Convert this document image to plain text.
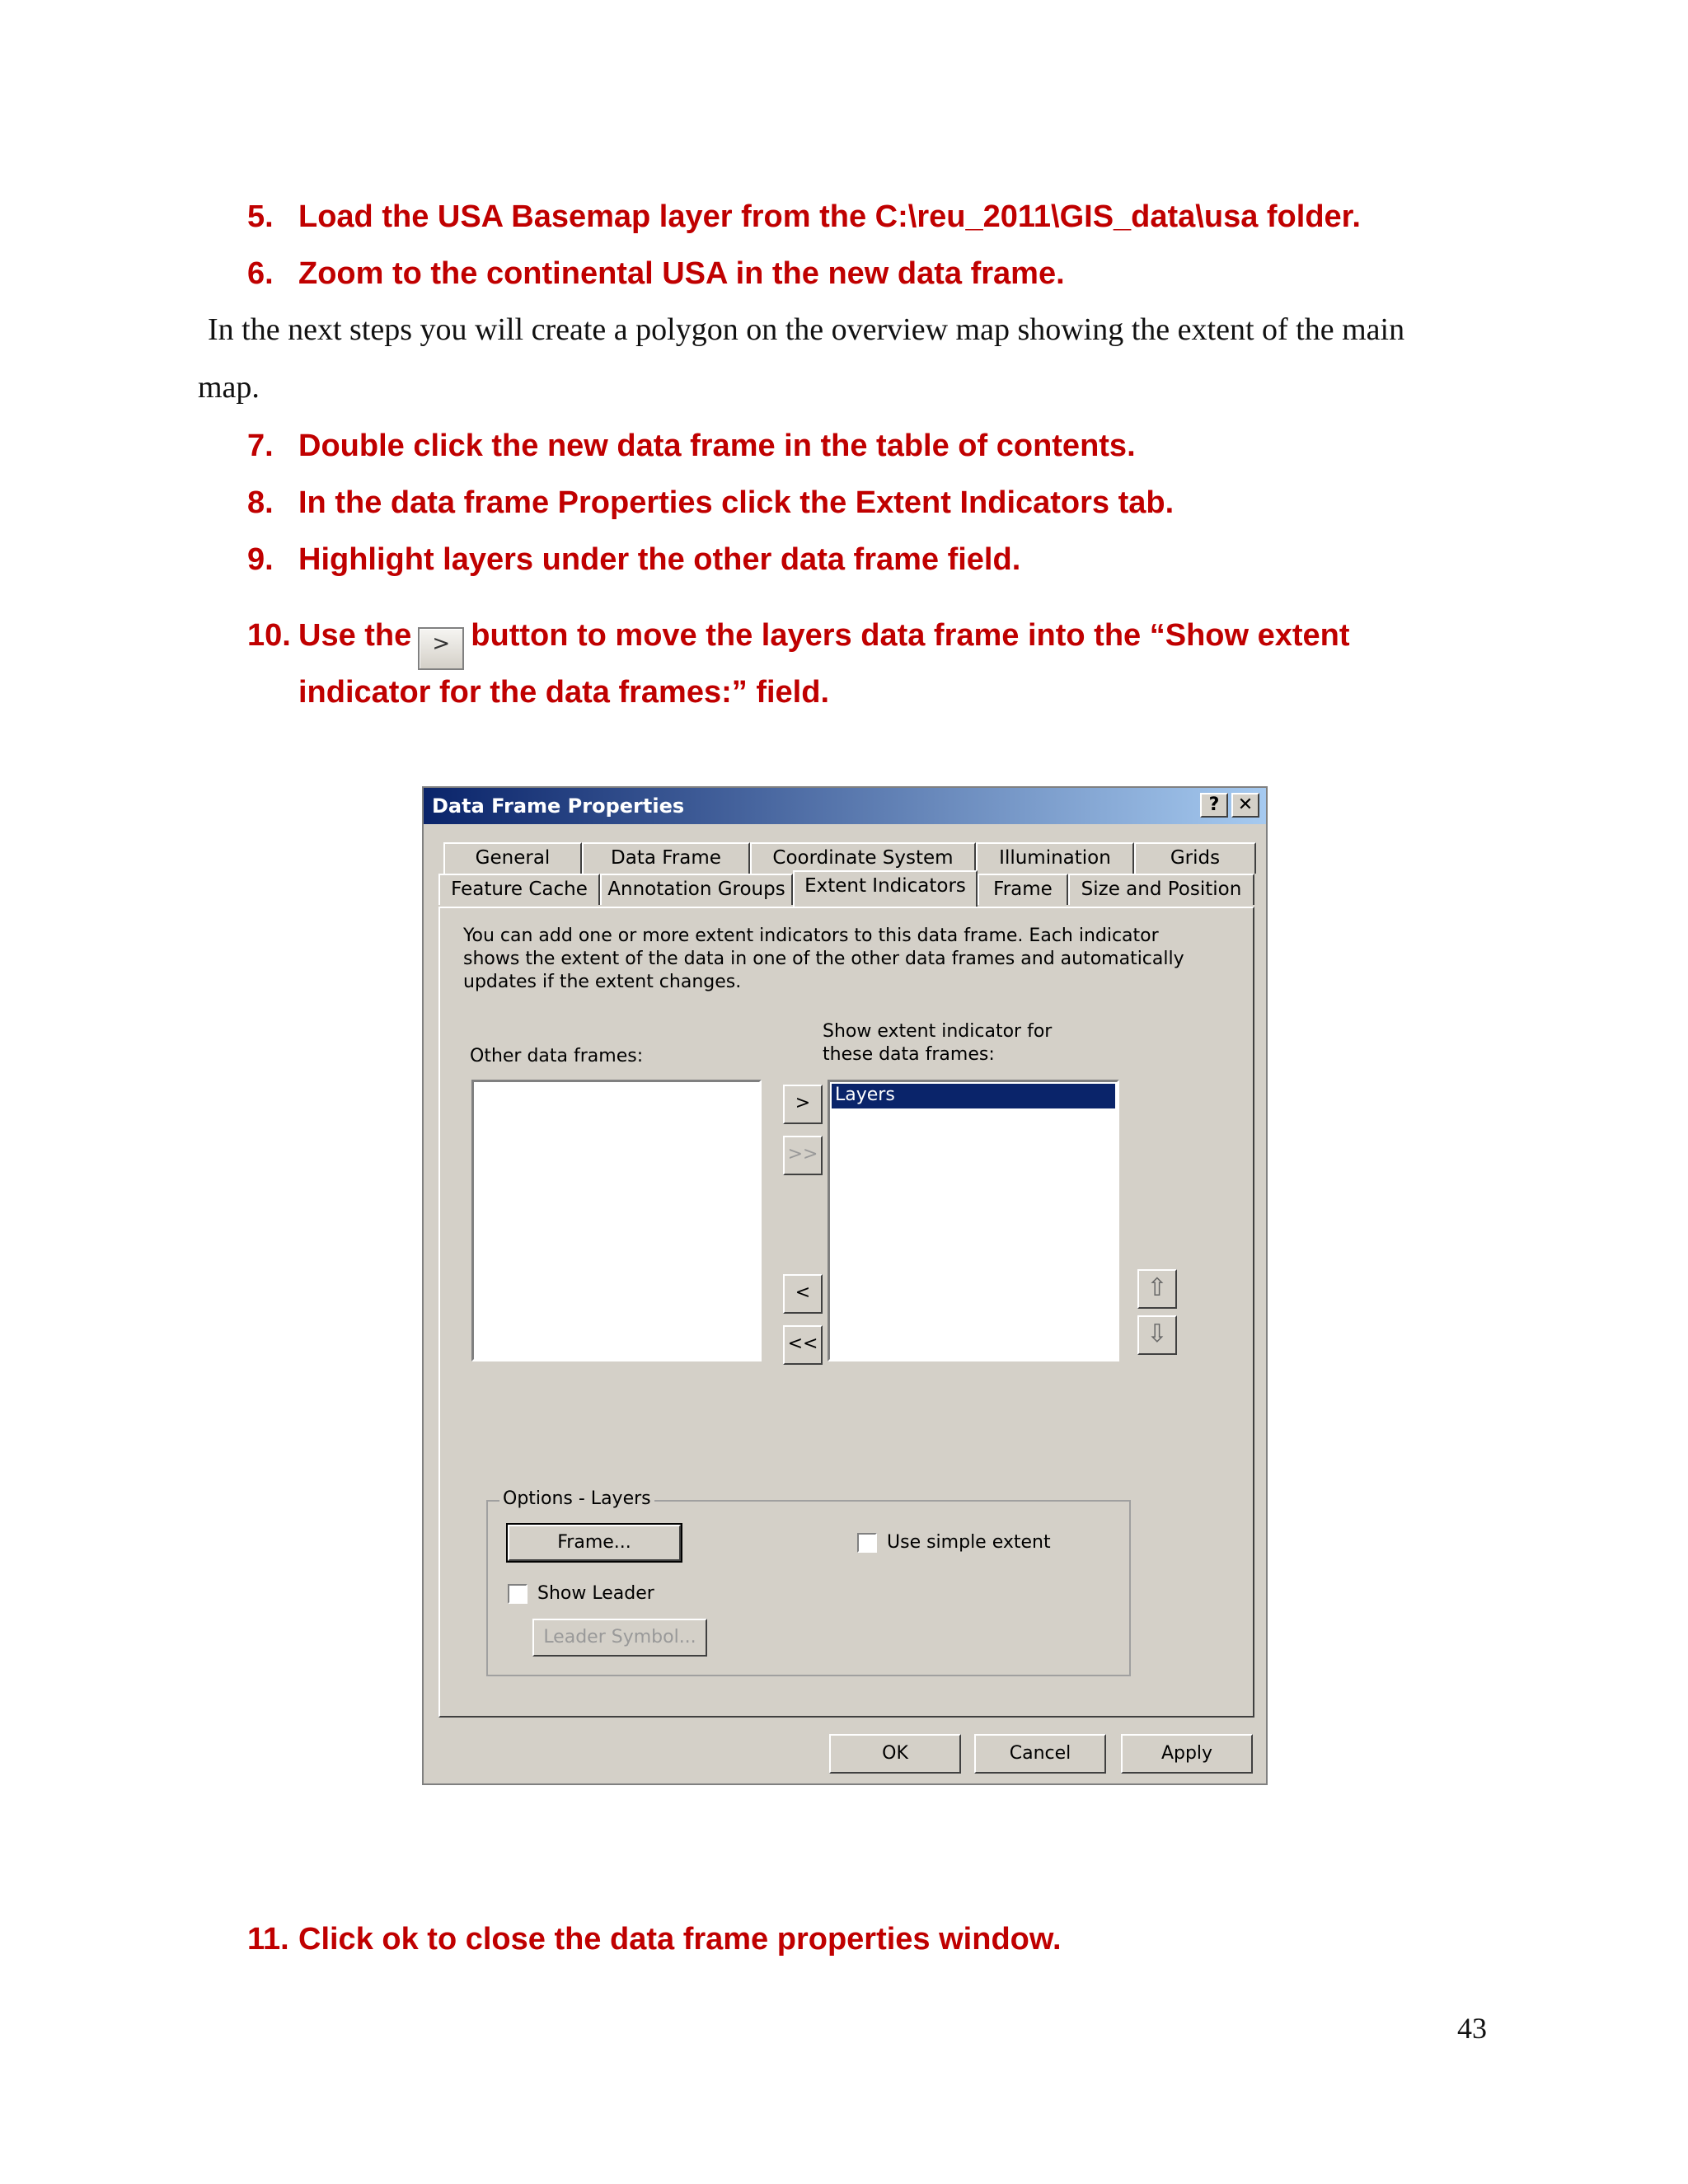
5. Load the USA Basemap layer from the C:\reu_2011\GIS_data\usa folder.
6. Zoom to the continental USA in the new data frame.
In the next steps you will create a polygon on the overview map showing the extent of the main
map.
7. Double click the new data frame in the table of contents.
8. In the data frame Properties click the Extent Indicators tab.
9. Highlight layers under the other data frame field.
10. Use the > button to move the layers data frame into the “Show extent
indicator for the data frames:” field.
Data Frame Properties	?	✕
General	Data Frame	Coordinate System	Illumination	Grids
Feature Cache	Annotation Groups	Extent Indicators	Frame	Size and Position
You can add one or more extent indicators to this data frame. Each indicator
shows the extent of the data in one of the other data frames and automatically
updates if the extent changes.
Other data frames:
Show extent indicator for
these data frames:
>
>>
<
<<
Layers
⇧
⇩
Options - Layers
Frame...	Use simple extent
Show Leader
Leader Symbol...
OK	Cancel	Apply
11. Click ok to close the data frame properties window.
43
